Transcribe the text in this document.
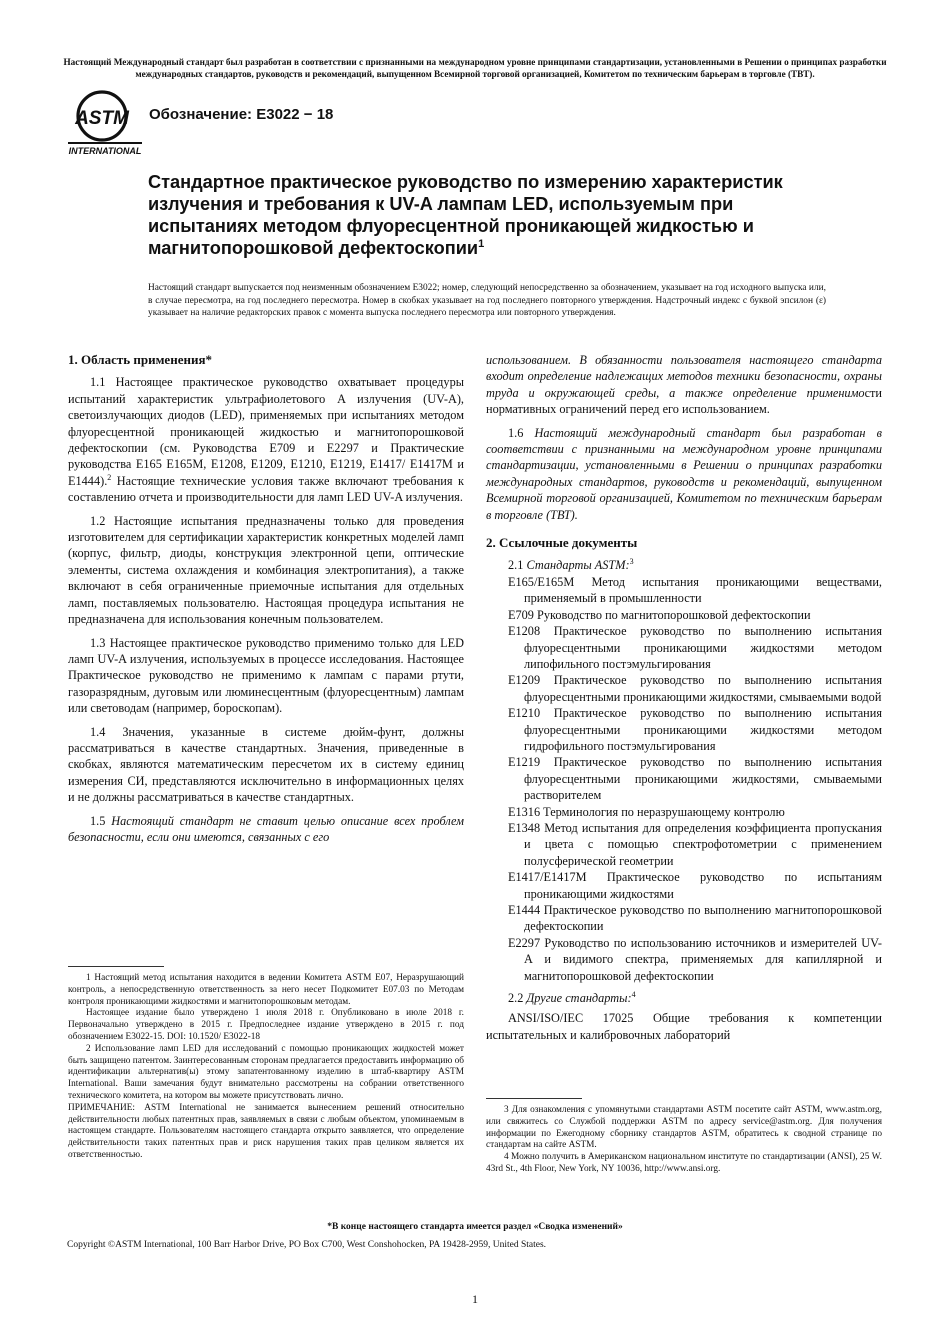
Настоящий Международный стандарт был разработан в соответствии с признанными на международном уровне принципами стандартизации, установленными в Решении о принципах разработки международных стандартов, руководств и рекомендаций, выпущенном Всемирной торговой организацией, Комитетом по техническим барьерам в торговле (ТВТ).
ASTM
INTERNATIONAL
Обозначение: E3022 − 18
Стандартное практическое руководство по измерению характеристик излучения и требования к UV-A лампам LED, используемым при испытаниях методом флуоресцентной проникающей жидкостью и магнитопорошковой дефектоскопии$^1$
Настоящий стандарт выпускается под неизменным обозначением E3022; номер, следующий непосредственно за обозначением, указывает на год исходного выпуска или, в случае пересмотра, на год последнего пересмотра. Номер в скобках указывает на год последнего повторного утверждения. Надстрочный индекс с буквой эпсилон (ε) указывает на наличие редакторских правок с момента выпуска последнего пересмотра или повторного утверждения.
1. Область применения*

1.1 Настоящее практическое руководство охватывает процедуры испытаний характеристик ультрафиолетового A излучения (UV-A), светоизлучающих диодов (LED), применяемых при испытаниях методом флуоресцентной проникающей жидкостью и магнитопорошковой дефектоскопии (см. Руководства E709 и E2297 и Практические руководства E165 E165M, E1208, E1209, E1210, E1219, E1417/ E1417M и E1444).$^2$ Настоящие технические условия также включают требования к составлению отчета и производительности для ламп LED UV-A излучения.

1.2 Настоящие испытания предназначены только для проведения изготовителем для сертификации характеристик конкретных моделей ламп (корпус, фильтр, диоды, конструкция электронной цепи, оптические элементы, система охлаждения и комбинация электропитания), а также включают в себя ограниченные приемочные испытания для отдельных ламп, поставляемых пользователю. Настоящая процедура испытания не предназначена для использования конечным пользователем.

1.3 Настоящее практическое руководство применимо только для LED ламп UV-A излучения, используемых в процессе исследования. Настоящее Практическое руководство не применимо к лампам с парами ртути, газоразрядным, дуговым или люминесцентным (флуоресцентным) лампам или световодам (например, бороскопам).

1.4 Значения, указанные в системе дюйм-фунт, должны рассматриваться в качестве стандартных. Значения, приведенные в скобках, являются математическим пересчетом их в систему единиц измерения СИ, представляются исключительно в информационных целях и не должны рассматриваться в качестве стандартных.

1.5 Настоящий стандарт не ставит целью описание всех проблем безопасности, если они имеются, связанных с его

1 Настоящий метод испытания находится в ведении Комитета ASTM E07, Неразрушающий контроль, а непосредственную ответственность за него несет Подкомитет E07.03 по Методам контроля проникающими жидкостями и магнитопорошковым методам.

Настоящее издание было утверждено 1 июля 2018 г. Опубликовано в июле 2018 г. Первоначально утверждено в 2015 г. Предпоследнее издание утверждено в 2015 г. под обозначением E3022-15. DOI: 10.1520/ E3022-18

2 Использование ламп LED для исследований с помощью проникающих жидкостей может быть защищено патентом. Заинтересованным сторонам предлагается предоставить информацию об идентификации альтернатив(ы) этому запатентованному изделию в штаб-квартиру ASTM International. Ваши замечания будут внимательно рассмотрены на собрании ответственного технического комитета, на котором вы можете присутствовать лично.

ПРИМЕЧАНИЕ: ASTM International не занимается вынесением решений относительно действительности любых патентных прав, заявляемых в связи с любым объектом, упоминаемым в настоящем стандарте. Пользователям настоящего стандарта открыто заявляется, что определение действительности таких патентных прав и риск нарушения таких прав целиком является их ответственностью.

использованием. В обязанности пользователя настоящего стандарта входит определение надлежащих методов техники безопасности, охраны труда и окружающей среды, а также определение применимости нормативных ограничений перед его использованием.

1.6 Настоящий международный стандарт был разработан в соответствии с признанными на международном уровне принципами стандартизации, установленными в Решении о принципах разработки международных стандартов, руководств и рекомендаций, выпущенном Всемирной торговой организацией, Комитетом по техническим барьерам в торговле (ТВТ).

2. Ссылочные документы

2.1 Стандарты ASTM:$^3$

E165/E165M Метод испытания проникающими веществами, применяемый в промышленности

E709 Руководство по магнитопорошковой дефектоскопии

E1208 Практическое руководство по выполнению испытания флуоресцентными проникающими жидкостями методом липофильного постэмульгирования

E1209 Практическое руководство по выполнению испытания флуоресцентными проникающими жидкостями, смываемыми водой

E1210 Практическое руководство по выполнению испытания флуоресцентными проникающими жидкостями методом гидрофильного постэмульгирования

E1219 Практическое руководство по выполнению испытания флуоресцентными проникающими жидкостями, смываемыми растворителем

E1316 Терминология по неразрушающему контролю

E1348 Метод испытания для определения коэффициента пропускания и цвета с помощью спектрофотометрии с применением полусферической геометрии

E1417/E1417M Практическое руководство по испытаниям проникающими жидкостями

E1444 Практическое руководство по выполнению магнитопорошковой дефектоскопии

E2297 Руководство по использованию источников и измерителей UV-A и видимого спектра, применяемых для капиллярной и магнитопорошковой дефектоскопии

2.2 Другие стандарты:$^4$

ANSI/ISO/IEC 17025 Общие требования к компетенции испытательных и калибровочных лабораторий

3 Для ознакомления с упомянутыми стандартами ASTM посетите сайт ASTM, www.astm.org, или свяжитесь со Службой поддержки ASTM по адресу service@astm.org. Для получения информации по Ежегодному сборнику стандартов ASTM, обратитесь к сводной странице по стандартам на сайте ASTM.

4 Можно получить в Американском национальном институте по стандартизации (ANSI), 25 W. 43rd St., 4th Floor, New York, NY 10036, http://www.ansi.org.

*В конце настоящего стандарта имеется раздел «Сводка изменений»
Copyright ©ASTM International, 100 Barr Harbor Drive, PO Box C700, West Conshohocken, PA 19428-2959, United States.
1
